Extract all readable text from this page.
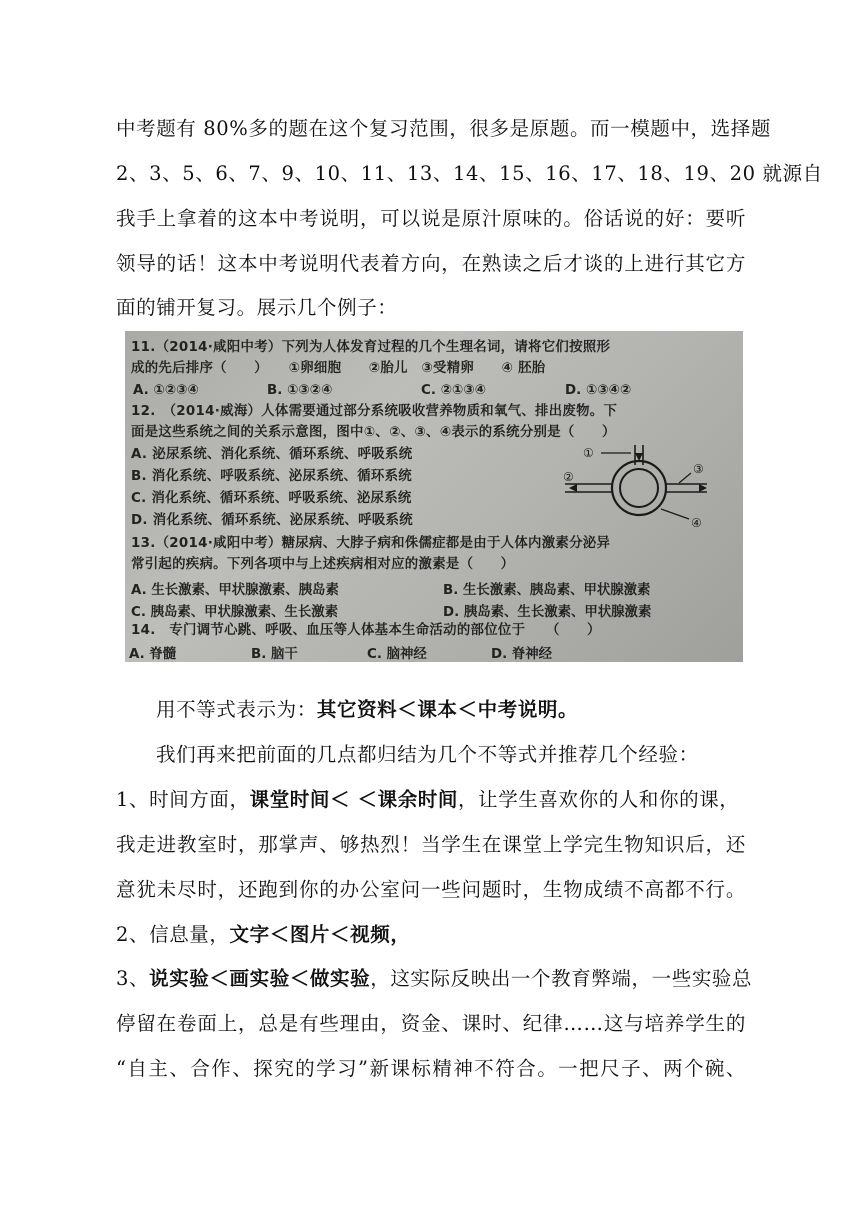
中考题有 80%多的题在这个复习范围，很多是原题。而一模题中，选择题
2、3、5、6、7、9、10、11、13、14、15、16、17、18、19、20 就源自
我手上拿着的这本中考说明，可以说是原汁原味的。俗话说的好：要听
领导的话！这本中考说明代表着方向，在熟读之后才谈的上进行其它方
面的铺开复习。展示几个例子：
11.（2014·咸阳中考）下列为人体发育过程的几个生理名词，请将它们按照形
成的先后排序（　　）　　①卵细胞　　②胎儿　③受精卵　　④ 胚胎
A. ①②③④	B. ①③②④	C. ②①③④	D. ①③④②
12.　（2014·威海）人体需要通过部分系统吸收营养物质和氧气、排出废物。下
面是这些系统之间的关系示意图，图中①、②、③、④表示的系统分别是（　　）
A. 泌尿系统、消化系统、循环系统、呼吸系统
B. 消化系统、呼吸系统、泌尿系统、循环系统
C. 消化系统、循环系统、呼吸系统、泌尿系统
D. 消化系统、循环系统、泌尿系统、呼吸系统
①
②
③
④
13.（2014·咸阳中考）糖尿病、大脖子病和侏儒症都是由于人体内激素分泌异
常引起的疾病。下列各项中与上述疾病相对应的激素是（　　）
A. 生长激素、甲状腺激素、胰岛素	B. 生长激素、胰岛素、甲状腺激素
C. 胰岛素、甲状腺激素、生长激素	D. 胰岛素、生长激素、甲状腺激素
14.　专门调节心跳、呼吸、血压等人体基本生命活动的部位位于　　（　　）
A. 脊髓	B. 脑干	C. 脑神经	D. 脊神经
用不等式表示为：其它资料＜课本＜中考说明。
我们再来把前面的几点都归结为几个不等式并推荐几个经验：
1、时间方面，课堂时间＜ ＜课余时间，让学生喜欢你的人和你的课，
我走进教室时，那掌声、够热烈！当学生在课堂上学完生物知识后，还
意犹未尽时，还跑到你的办公室问一些问题时，生物成绩不高都不行。
2、信息量，文字＜图片＜视频，
3、说实验＜画实验＜做实验，这实际反映出一个教育弊端，一些实验总
停留在卷面上，总是有些理由，资金、课时、纪律……这与培养学生的
“自主、合作、探究的学习”新课标精神不符合。一把尺子、两个碗、
